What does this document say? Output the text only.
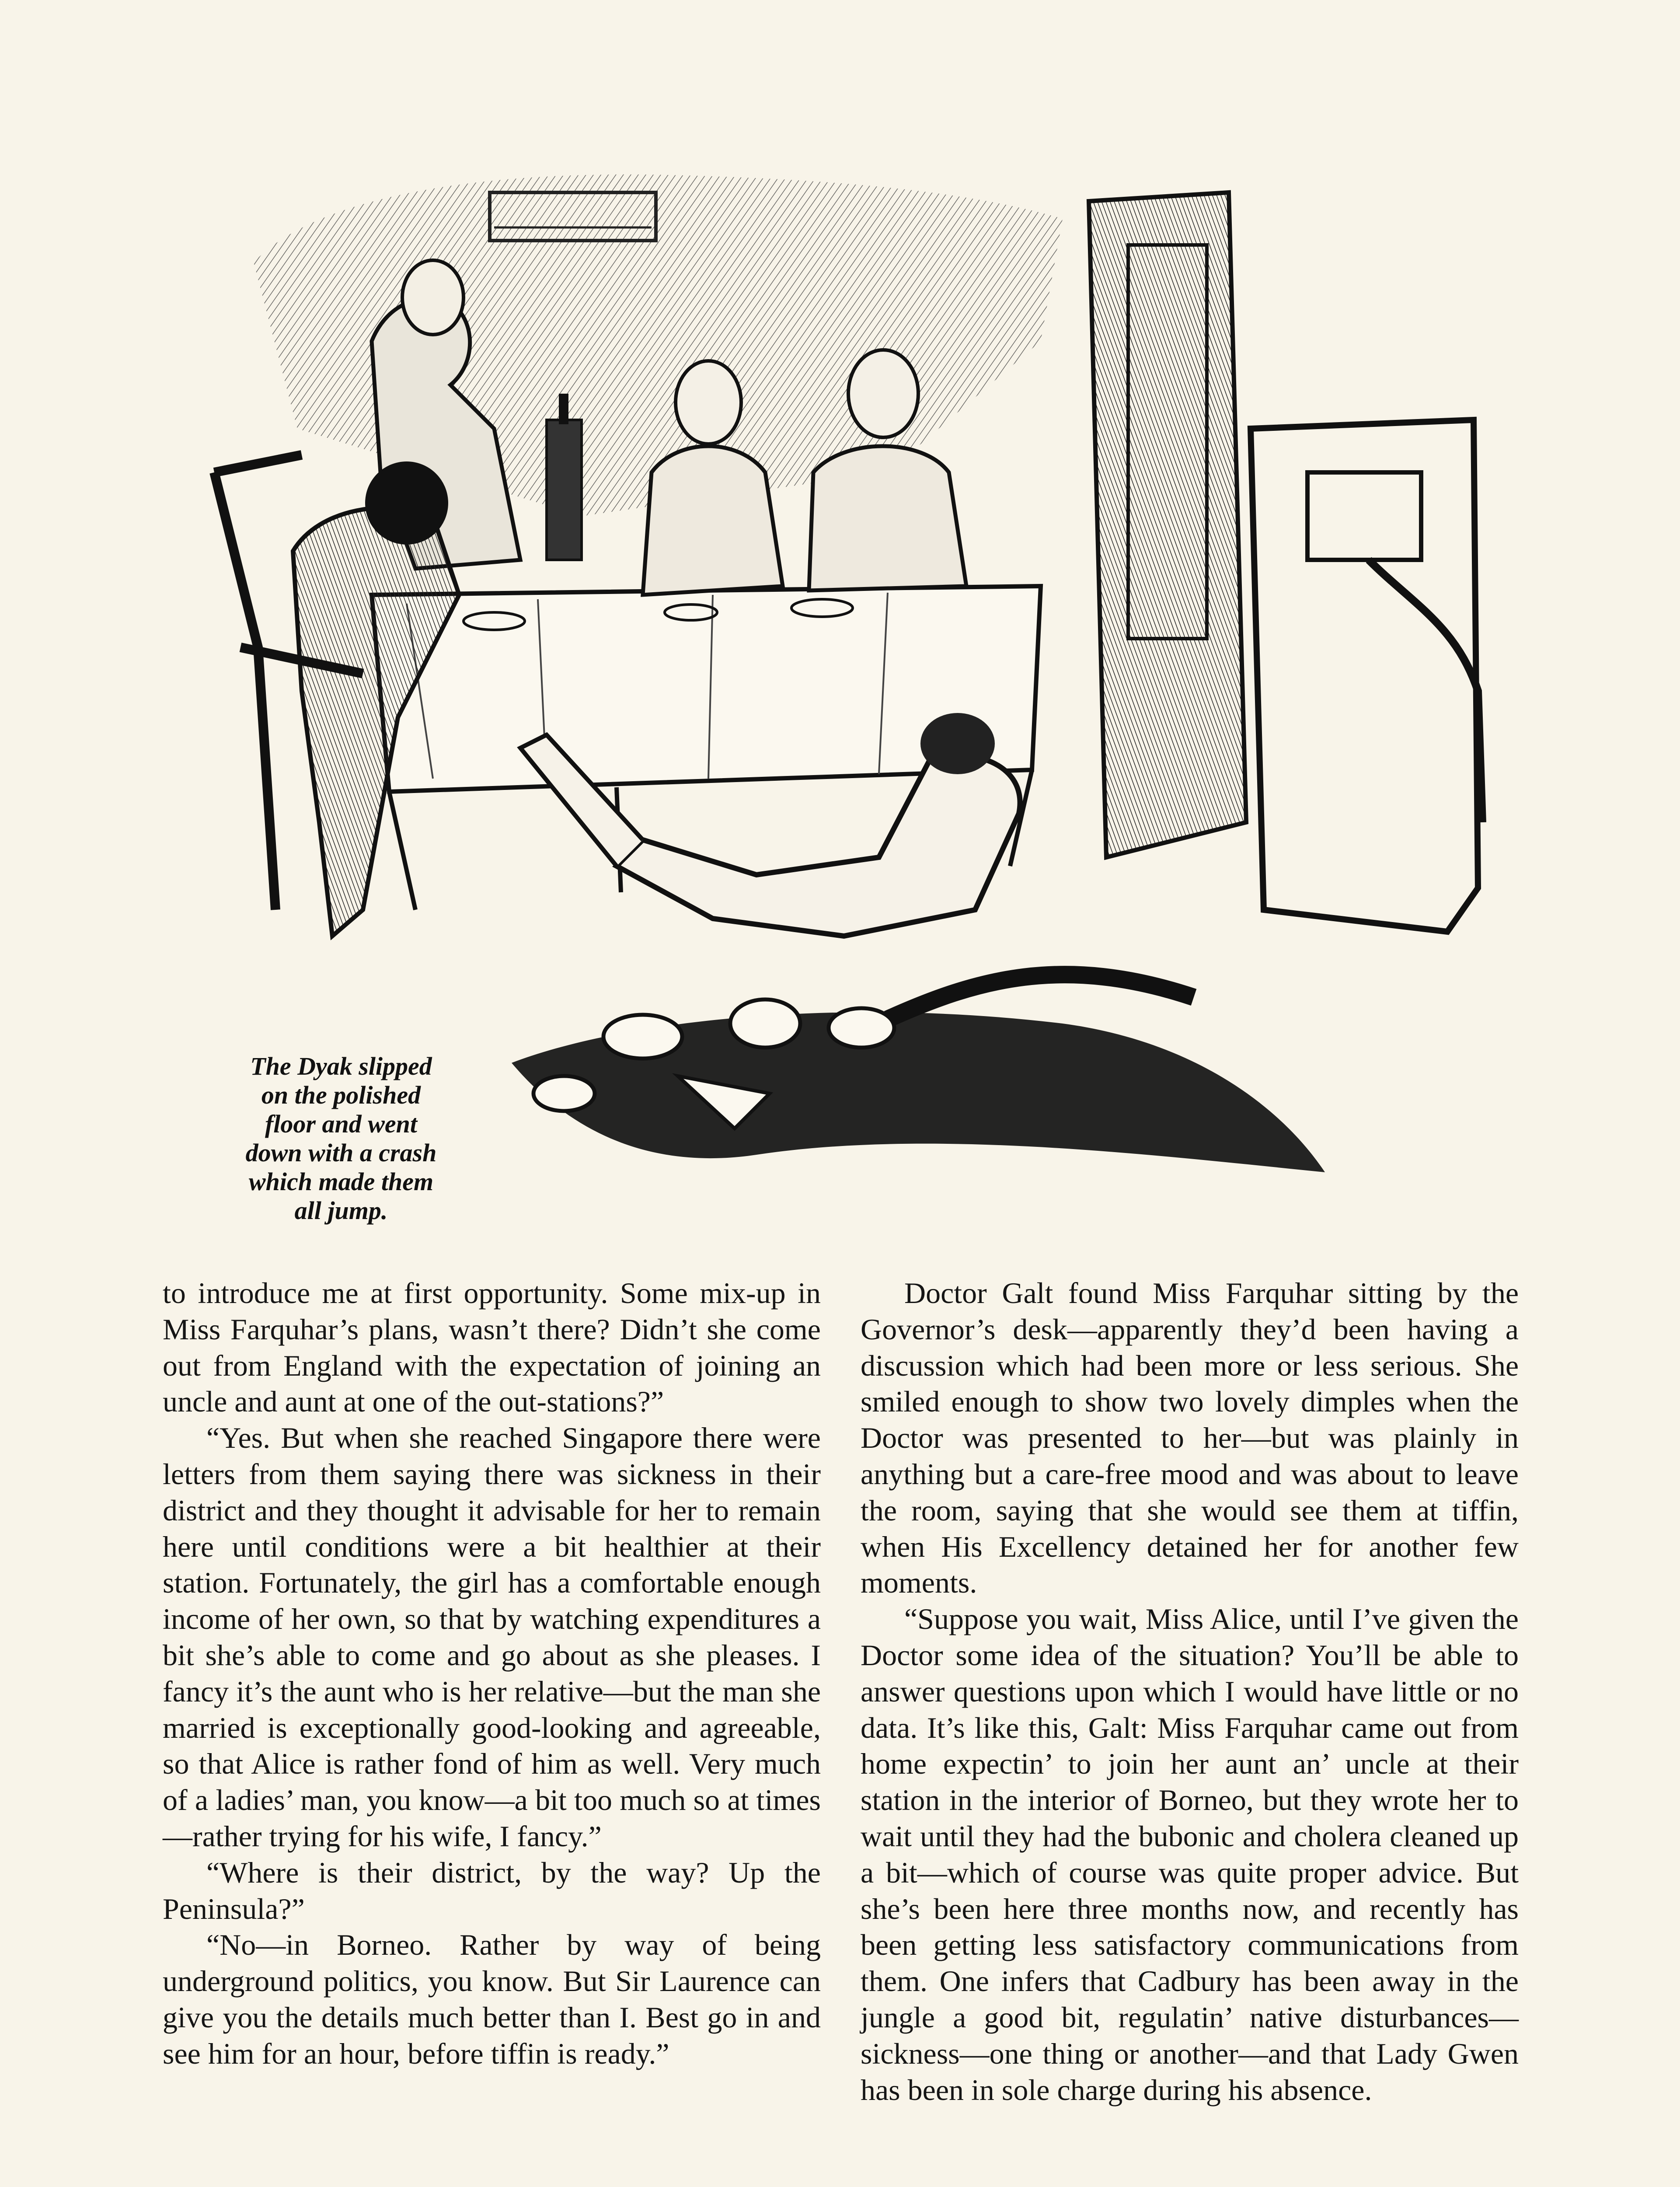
The Dyak slipped
on the polished
floor and went
down with a crash
which made them
all jump.

to introduce me at first opportunity. Some mix-up in Miss Farquhar’s plans, wasn’t there? Didn’t she come out from England with the expectation of joining an uncle and aunt at one of the out-stations?”

“Yes. But when she reached Singapore there were letters from them saying there was sickness in their district and they thought it advisable for her to remain here until conditions were a bit healthier at their station. Fortunately, the girl has a comfortable enough income of her own, so that by watching expenditures a bit she’s able to come and go about as she pleases. I fancy it’s the aunt who is her relative—but the man she married is exceptionally good-looking and agreeable, so that Alice is rather fond of him as well. Very much of a ladies’ man, you know—a bit too much so at times—rather trying for his wife, I fancy.”

“Where is their district, by the way? Up the Peninsula?”

“No—in Borneo. Rather by way of being underground politics, you know. But Sir Laurence can give you the details much better than I. Best go in and see him for an hour, before tiffin is ready.”

Doctor Galt found Miss Farquhar sitting by the Governor’s desk—apparently they’d been having a discussion which had been more or less serious. She smiled enough to show two lovely dimples when the Doctor was presented to her—but was plainly in anything but a care-free mood and was about to leave the room, saying that she would see them at tiffin, when His Excellency detained her for another few moments.

“Suppose you wait, Miss Alice, until I’ve given the Doctor some idea of the situation? You’ll be able to answer questions upon which I would have little or no data. It’s like this, Galt: Miss Farquhar came out from home expectin’ to join her aunt an’ uncle at their station in the interior of Borneo, but they wrote her to wait until they had the bubonic and cholera cleaned up a bit—which of course was quite proper advice. But she’s been here three months now, and recently has been getting less satisfactory communications from them. One infers that Cadbury has been away in the jungle a good bit, regulatin’ native disturbances—sickness—one thing or another—and that Lady Gwen has been in sole charge during his absence.
